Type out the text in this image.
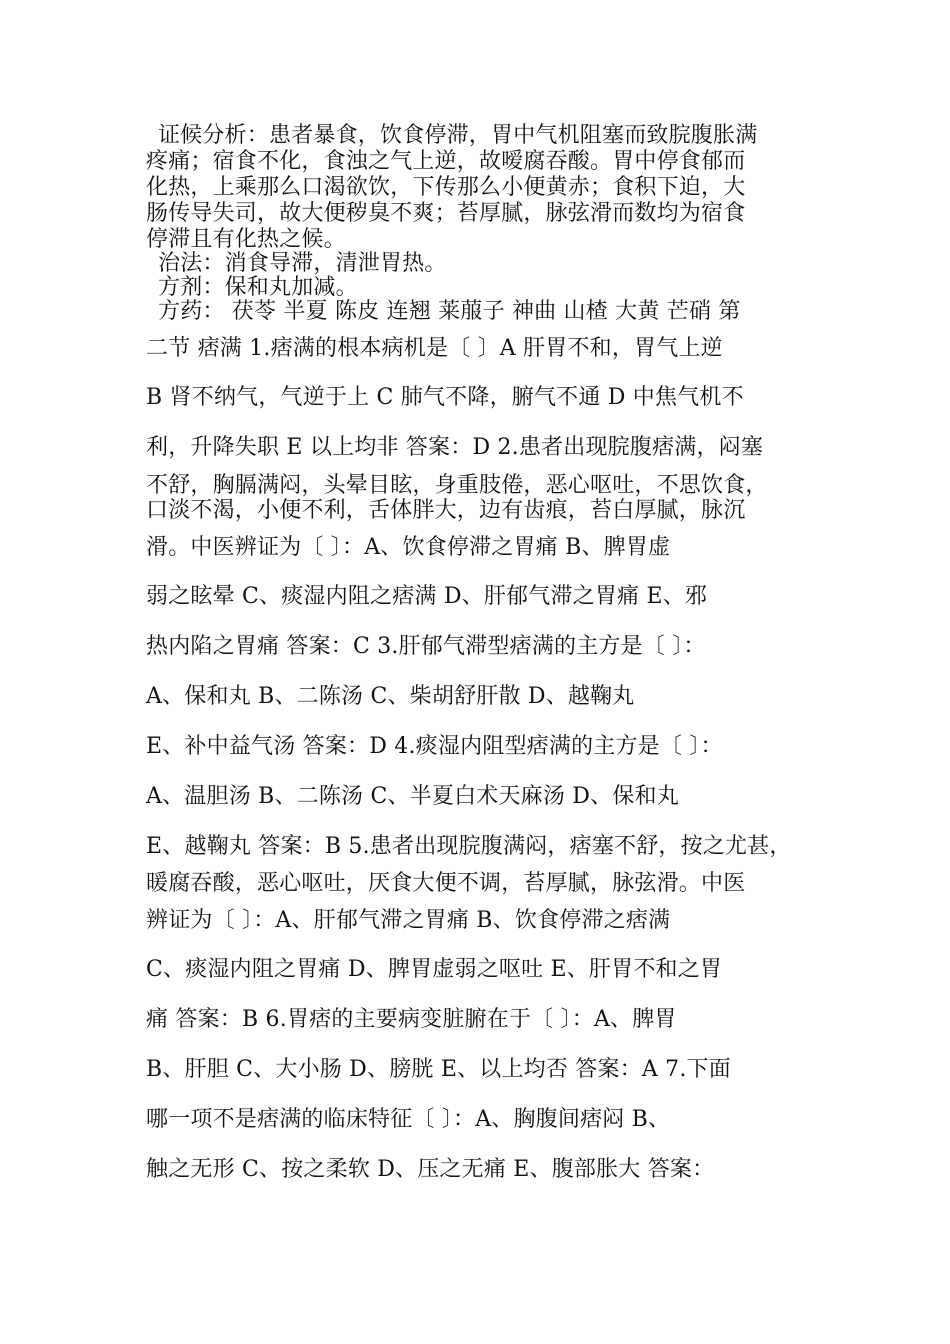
证候分析：患者暴食，饮食停滞，胃中气机阻塞而致脘腹胀满
疼痛；宿食不化，食浊之气上逆，故嗳腐吞酸。胃中停食郁而
化热，上乘那么口渴欲饮，下传那么小便黄赤；食积下迫，大
肠传导失司，故大便秽臭不爽；苔厚腻，脉弦滑而数均为宿食
停滞且有化热之候。
治法：消食导滞，清泄胃热。
方剂：保和丸加减。
方药： 茯苓 半夏 陈皮 连翘 莱菔子 神曲 山楂 大黄 芒硝 第
二节 痞满 1.痞满的根本病机是〔 〕A 肝胃不和，胃气上逆
B 肾不纳气，气逆于上 C 肺气不降，腑气不通 D 中焦气机不
利，升降失职 E 以上均非 答案：D 2.患者出现脘腹痞满，闷塞
不舒，胸膈满闷，头晕目眩，身重肢倦，恶心呕吐，不思饮食，
口淡不渴，小便不利，舌体胖大，边有齿痕，苔白厚腻，脉沉
滑。中医辨证为〔 〕：A、饮食停滞之胃痛 B、脾胃虚
弱之眩晕 C、痰湿内阻之痞满 D、肝郁气滞之胃痛 E、邪
热内陷之胃痛 答案：C 3.肝郁气滞型痞满的主方是〔 〕：
A、保和丸 B、二陈汤 C、柴胡舒肝散 D、越鞠丸
E、补中益气汤 答案：D 4.痰湿内阻型痞满的主方是〔 〕：
A、温胆汤 B、二陈汤 C、半夏白术天麻汤 D、保和丸
E、越鞠丸 答案：B 5.患者出现脘腹满闷，痞塞不舒，按之尤甚，
暖腐吞酸，恶心呕吐，厌食大便不调，苔厚腻，脉弦滑。中医
辨证为〔 〕：A、肝郁气滞之胃痛 B、饮食停滞之痞满
C、痰湿内阻之胃痛 D、脾胃虚弱之呕吐 E、肝胃不和之胃
痛 答案：B 6.胃痞的主要病变脏腑在于〔 〕：A、脾胃
B、肝胆 C、大小肠 D、膀胱 E、以上均否 答案：A 7.下面
哪一项不是痞满的临床特征〔 〕：A、胸腹间痞闷 B、
触之无形 C、按之柔软 D、压之无痛 E、腹部胀大 答案：
